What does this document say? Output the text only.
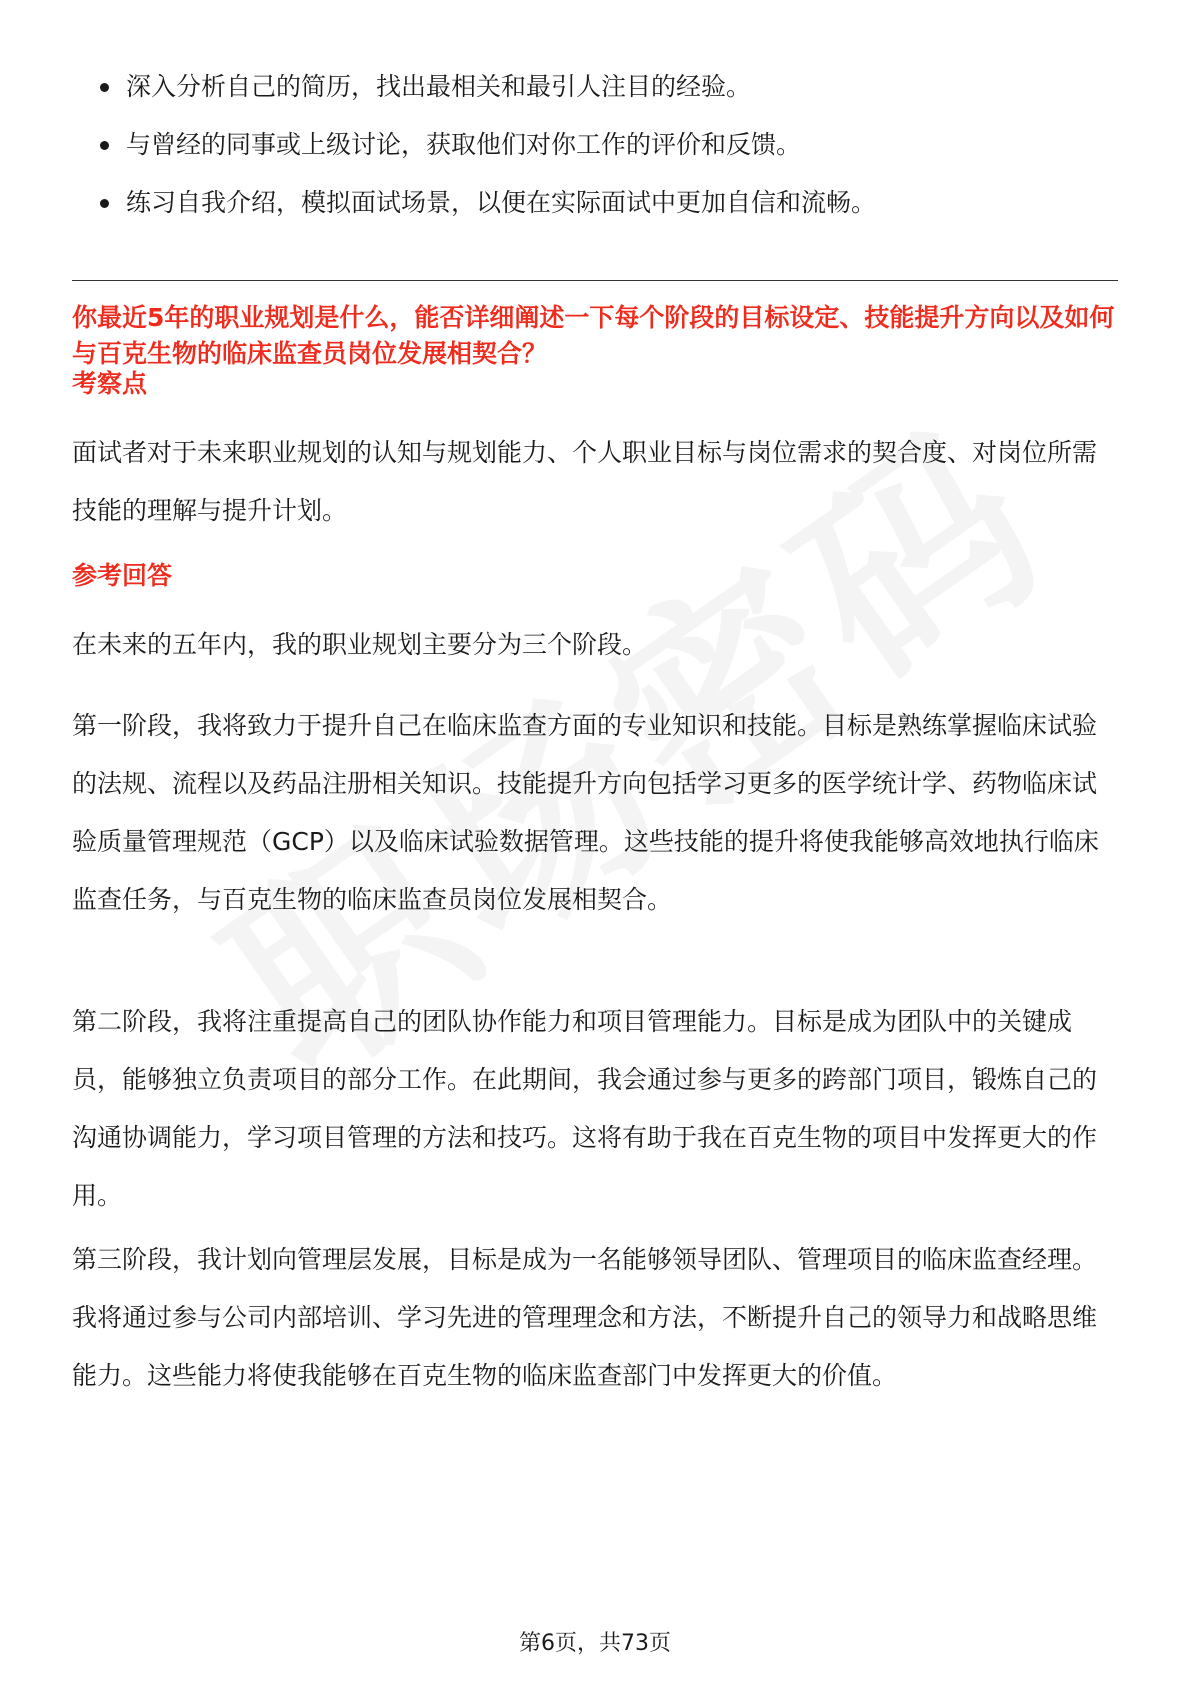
深入分析自己的简历，找出最相关和最引人注目的经验。
与曾经的同事或上级讨论，获取他们对你工作的评价和反馈。
练习自我介绍，模拟面试场景，以便在实际面试中更加自信和流畅。

你最近5年的职业规划是什么，能否详细阐述一下每个阶段的目标设定、技能提升方向以及如何与百克生物的临床监查员岗位发展相契合？

考察点

面试者对于未来职业规划的认知与规划能力、个人职业目标与岗位需求的契合度、对岗位所需技能的理解与提升计划。

参考回答

在未来的五年内，我的职业规划主要分为三个阶段。

第一阶段，我将致力于提升自己在临床监查方面的专业知识和技能。目标是熟练掌握临床试验的法规、流程以及药品注册相关知识。技能提升方向包括学习更多的医学统计学、药物临床试验质量管理规范（GCP）以及临床试验数据管理。这些技能的提升将使我能够高效地执行临床监查任务，与百克生物的临床监查员岗位发展相契合。

第二阶段，我将注重提高自己的团队协作能力和项目管理能力。目标是成为团队中的关键成员，能够独立负责项目的部分工作。在此期间，我会通过参与更多的跨部门项目，锻炼自己的沟通协调能力，学习项目管理的方法和技巧。这将有助于我在百克生物的项目中发挥更大的作用。

第三阶段，我计划向管理层发展，目标是成为一名能够领导团队、管理项目的临床监查经理。我将通过参与公司内部培训、学习先进的管理理念和方法，不断提升自己的领导力和战略思维能力。这些能力将使我能够在百克生物的临床监查部门中发挥更大的价值。

第6页，共73页
